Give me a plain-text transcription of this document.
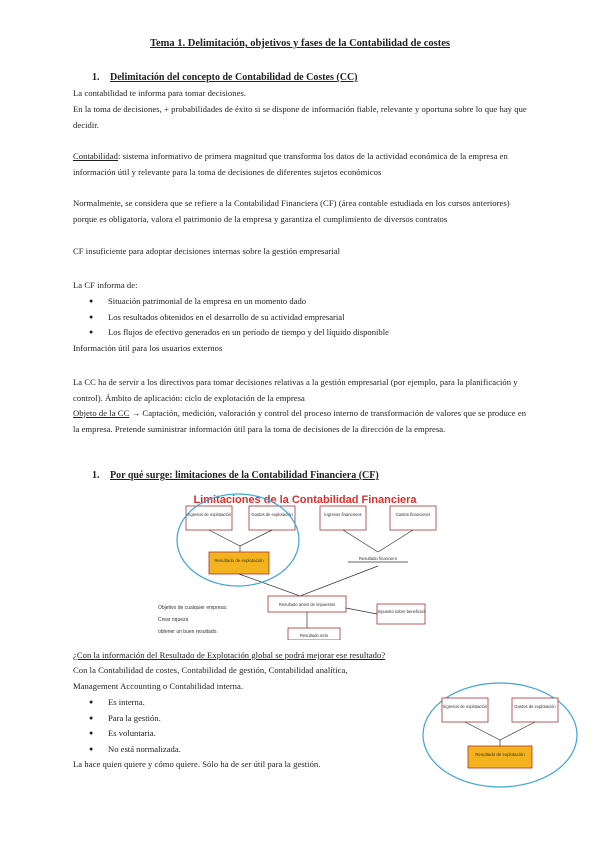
Tema 1. Delimitación, objetivos y fases de la Contabilidad de costes
1. Delimitación del concepto de Contabilidad de Costes (CC)
La contabilidad te informa para tomar decisiones.
En la toma de decisiones, + probabilidades de éxito si se dispone de información fiable, relevante y oportuna sobre lo que hay que decidir.
Contabilidad: sistema informativo de primera magnitud que transforma los datos de la actividad económica de la empresa en información útil y relevante para la toma de decisiones de diferentes sujetos económicos
Normalmente, se considera que se refiere a la Contabilidad Financiera (CF) (área contable estudiada en los cursos anteriores) porque es obligatoria, valora el patrimonio de la empresa y garantiza el cumplimiento de diversos contratos
CF insuficiente para adoptar decisiones internas sobre la gestión empresarial
La CF informa de:
● Situación patrimonial de la empresa en un momento dado
● Los resultados obtenidos en el desarrollo de su actividad empresarial
● Los flujos de efectivo generados en un período de tiempo y del líquido disponible
Información útil para los usuarios externos
La CC ha de servir a los directivos para tomar decisiones relativas a la gestión empresarial (por ejemplo, para la planificación y control). Ámbito de aplicación: ciclo de explotación de la empresa
Objeto de la CC → Captación, medición, valoración y control del proceso interno de transformación de valores que se produce en la empresa. Pretende suministrar información útil para la toma de decisiones de la dirección de la empresa.
1. Por qué surge: limitaciones de la Contabilidad Financiera (CF)
Limitaciones de la Contabilidad Financiera
Ingresos de explotación	Gastos de explotación	Ingresos financieros	Gastos financieros
Resultado de explotación	Resultado financiero
Resultado antes de impuestos
Impuesto sobre beneficios
Resultado neto
Objetivo de cualquier empresa:
Crear riqueza
obtener un buen resultado.
¿Con la información del Resultado de Explotación global se podrá mejorar ese resultado?
Con la Contabilidad de costes, Contabilidad de gestión, Contabilidad analítica,
Management Accounting o Contabilidad interna.
● Es interna.
● Para la gestión.
● Es voluntaria.
● No está normalizada.
La hace quien quiere y cómo quiere. Sólo ha de ser útil para la gestión.
Ingresos de explotación	Gastos de explotación
Resultado de explotación
